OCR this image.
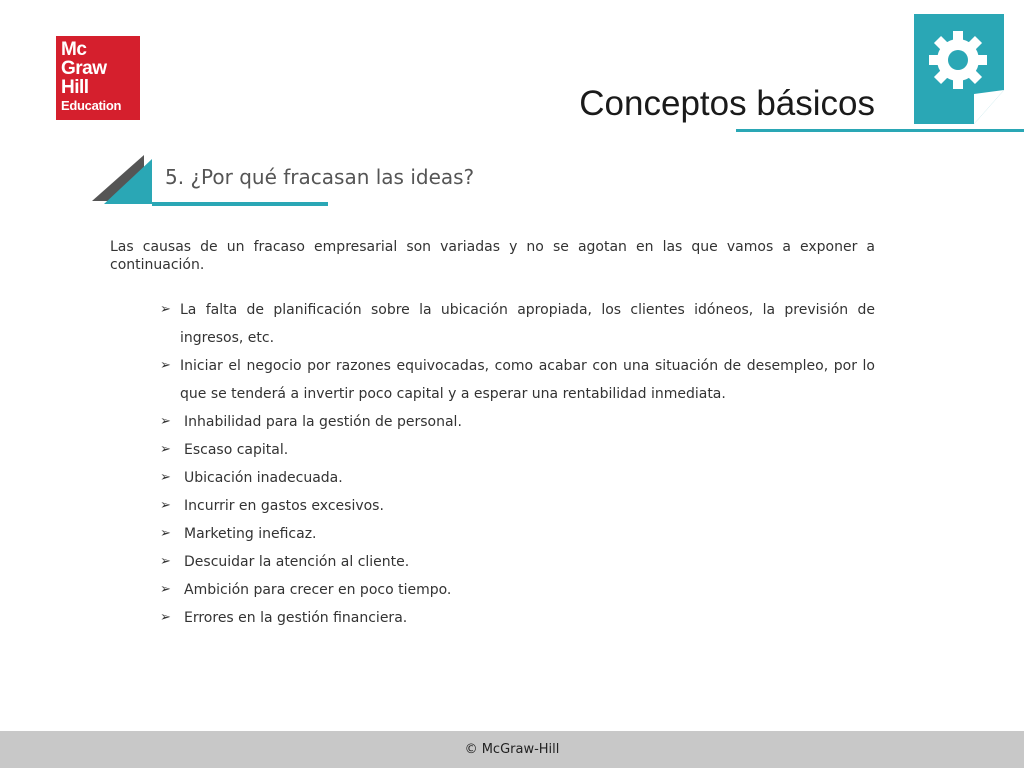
Mc
Graw
Hill
Education	Conceptos básicos
5. ¿Por qué fracasan las ideas?

Las causas de un fracaso empresarial son variadas y no se agotan en las que vamos a exponer a continuación.

➢ La falta de planificación sobre la ubicación apropiada, los clientes idóneos, la previsión de ingresos, etc.
➢ Iniciar el negocio por razones equivocadas, como acabar con una situación de desempleo, por lo que se tenderá a invertir poco capital y a esperar una rentabilidad inmediata.
➢ Inhabilidad para la gestión de personal.
➢ Escaso capital.
➢ Ubicación inadecuada.
➢ Incurrir en gastos excesivos.
➢ Marketing ineficaz.
➢ Descuidar la atención al cliente.
➢ Ambición para crecer en poco tiempo.
➢ Errores en la gestión financiera.
© McGraw-Hill
